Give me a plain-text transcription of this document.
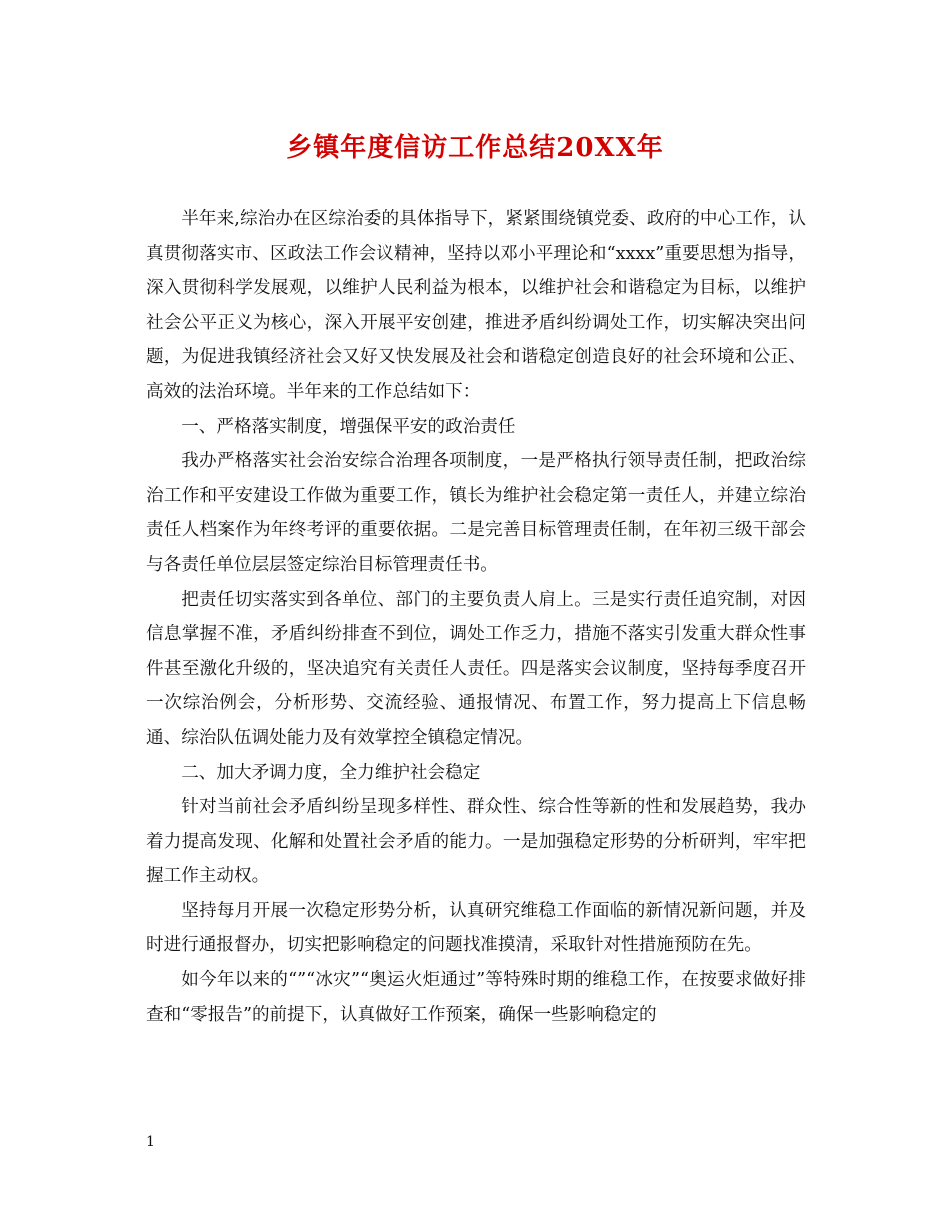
乡镇年度信访工作总结20XX年

半年来,综治办在区综治委的具体指导下，紧紧围绕镇党委、政府的中心工作，认真贯彻落实市、区政法工作会议精神，坚持以邓小平理论和“xxxx”重要思想为指导，深入贯彻科学发展观，以维护人民利益为根本，以维护社会和谐稳定为目标，以维护社会公平正义为核心，深入开展平安创建，推进矛盾纠纷调处工作，切实解决突出问题，为促进我镇经济社会又好又快发展及社会和谐稳定创造良好的社会环境和公正、高效的法治环境。半年来的工作总结如下：

一、严格落实制度，增强保平安的政治责任

我办严格落实社会治安综合治理各项制度，一是严格执行领导责任制，把政治综治工作和平安建设工作做为重要工作，镇长为维护社会稳定第一责任人，并建立综治责任人档案作为年终考评的重要依据。二是完善目标管理责任制，在年初三级干部会与各责任单位层层签定综治目标管理责任书。

把责任切实落实到各单位、部门的主要负责人肩上。三是实行责任追究制，对因信息掌握不准，矛盾纠纷排查不到位，调处工作乏力，措施不落实引发重大群众性事件甚至激化升级的，坚决追究有关责任人责任。四是落实会议制度，坚持每季度召开一次综治例会，分析形势、交流经验、通报情况、布置工作，努力提高上下信息畅通、综治队伍调处能力及有效掌控全镇稳定情况。

二、加大矛调力度，全力维护社会稳定

针对当前社会矛盾纠纷呈现多样性、群众性、综合性等新的性和发展趋势，我办着力提高发现、化解和处置社会矛盾的能力。一是加强稳定形势的分析研判，牢牢把握工作主动权。

坚持每月开展一次稳定形势分析，认真研究维稳工作面临的新情况新问题，并及时进行通报督办，切实把影响稳定的问题找准摸清，采取针对性措施预防在先。

如今年以来的“”“冰灾”“奥运火炬通过”等特殊时期的维稳工作，在按要求做好排查和“零报告”的前提下，认真做好工作预案，确保一些影响稳定的

1
